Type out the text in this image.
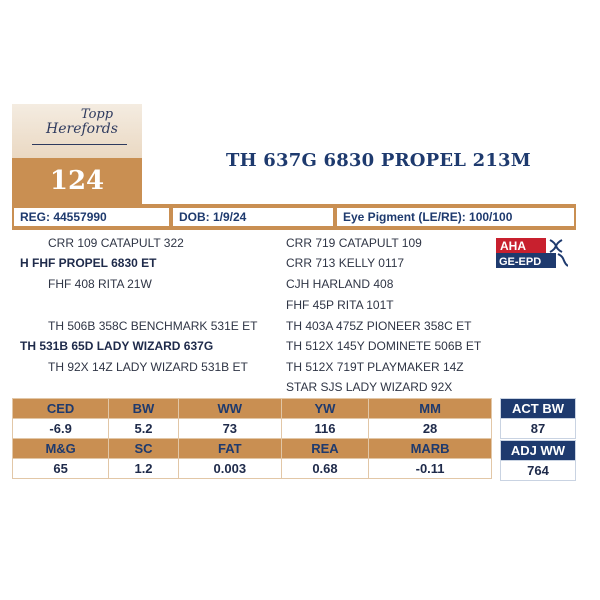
Topp
Herefords
124
TH 637G 6830 PROPEL 213M
REG: 44557990	DOB: 1/9/24	Eye Pigment (LE/RE): 100/100
CRR 109 CATAPULT 322
H FHF PROPEL 6830 ET
FHF 408 RITA 21W
TH 506B 358C BENCHMARK 531E ET
TH 531B 65D LADY WIZARD 637G
TH 92X 14Z LADY WIZARD 531B ET
CRR 719 CATAPULT 109
CRR 713 KELLY 0117
CJH HARLAND 408
FHF 45P RITA 101T
TH 403A 475Z PIONEER 358C ET
TH 512X 145Y DOMINETE 506B ET
TH 512X 719T PLAYMAKER 14Z
STAR SJS LADY WIZARD 92X
AHA
GE-EPD
CED	BW	WW	YW	MM
-6.9	5.2	73	116	28
M&G	SC	FAT	REA	MARB
65	1.2	0.003	0.68	-0.11
ACT BW
87
ADJ WW
764
